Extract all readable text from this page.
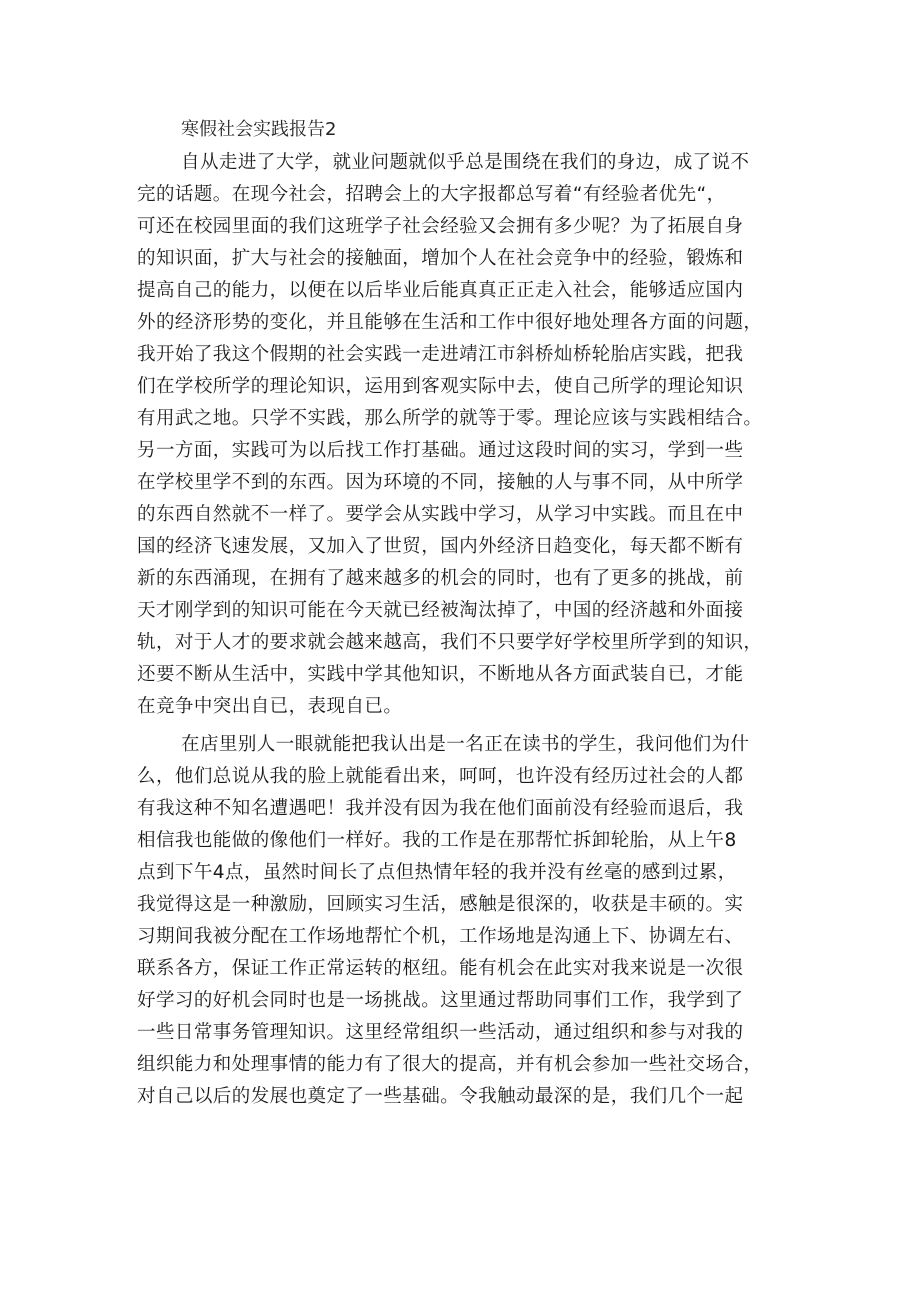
寒假社会实践报告2
自从走进了大学，就业问题就似乎总是围绕在我们的身边，成了说不
完的话题。在现今社会，招聘会上的大字报都总写着“有经验者优先“，
可还在校园里面的我们这班学子社会经验又会拥有多少呢？为了拓展自身
的知识面，扩大与社会的接触面，增加个人在社会竞争中的经验，锻炼和
提高自己的能力，以便在以后毕业后能真真正正走入社会，能够适应国内
外的经济形势的变化，并且能够在生活和工作中很好地处理各方面的问题，
我开始了我这个假期的社会实践一走进靖江市斜桥灿桥轮胎店实践，把我
们在学校所学的理论知识，运用到客观实际中去，使自己所学的理论知识
有用武之地。只学不实践，那么所学的就等于零。理论应该与实践相结合。
另一方面，实践可为以后找工作打基础。通过这段时间的实习，学到一些
在学校里学不到的东西。因为环境的不同，接触的人与事不同，从中所学
的东西自然就不一样了。要学会从实践中学习，从学习中实践。而且在中
国的经济飞速发展，又加入了世贸，国内外经济日趋变化，每天都不断有
新的东西涌现，在拥有了越来越多的机会的同时，也有了更多的挑战，前
天才刚学到的知识可能在今天就已经被淘汰掉了，中国的经济越和外面接
轨，对于人才的要求就会越来越高，我们不只要学好学校里所学到的知识，
还要不断从生活中，实践中学其他知识，不断地从各方面武装自已，才能
在竞争中突出自已，表现自已。
在店里别人一眼就能把我认出是一名正在读书的学生，我问他们为什
么，他们总说从我的脸上就能看出来，呵呵，也许没有经历过社会的人都
有我这种不知名遭遇吧！我并没有因为我在他们面前没有经验而退后，我
相信我也能做的像他们一样好。我的工作是在那帮忙拆卸轮胎，从上午8
点到下午4点，虽然时间长了点但热情年轻的我并没有丝毫的感到过累，
我觉得这是一种激励，回顾实习生活，感触是很深的，收获是丰硕的。实
习期间我被分配在工作场地帮忙个机，工作场地是沟通上下、协调左右、
联系各方，保证工作正常运转的枢纽。能有机会在此实对我来说是一次很
好学习的好机会同时也是一场挑战。这里通过帮助同事们工作，我学到了
一些日常事务管理知识。这里经常组织一些活动，通过组织和参与对我的
组织能力和处理事情的能力有了很大的提高，并有机会参加一些社交场合，
对自己以后的发展也奠定了一些基础。令我触动最深的是，我们几个一起
